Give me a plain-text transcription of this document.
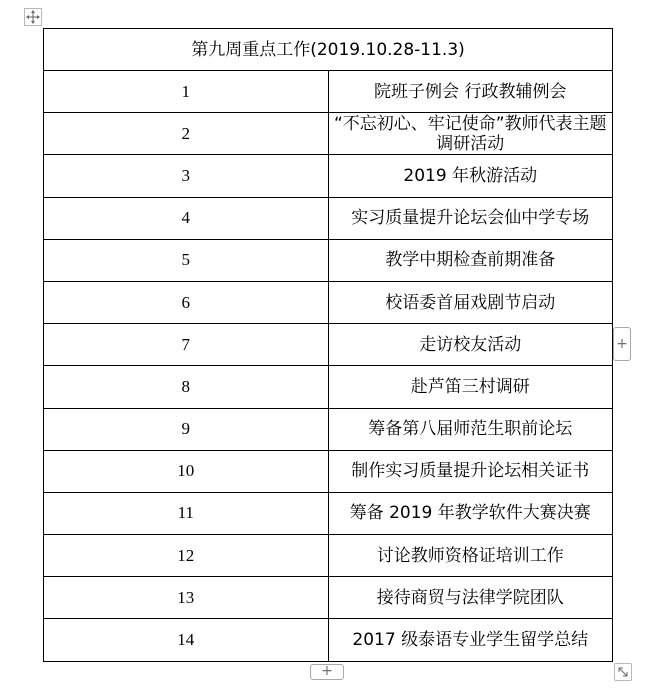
第九周重点工作(2019.10.28-11.3)	
1	院班子例会 行政教辅例会
2	“不忘初心、牢记使命”教师代表主题调研活动
3	2019 年秋游活动
4	实习质量提升论坛会仙中学专场
5	教学中期检查前期准备
6	校语委首届戏剧节启动
7	走访校友活动
8	赴芦笛三村调研
9	筹备第八届师范生职前论坛
10	制作实习质量提升论坛相关证书
11	筹备 2019 年教学软件大赛决赛
12	讨论教师资格证培训工作
13	接待商贸与法律学院团队
14	2017 级泰语专业学生留学总结
+
+
